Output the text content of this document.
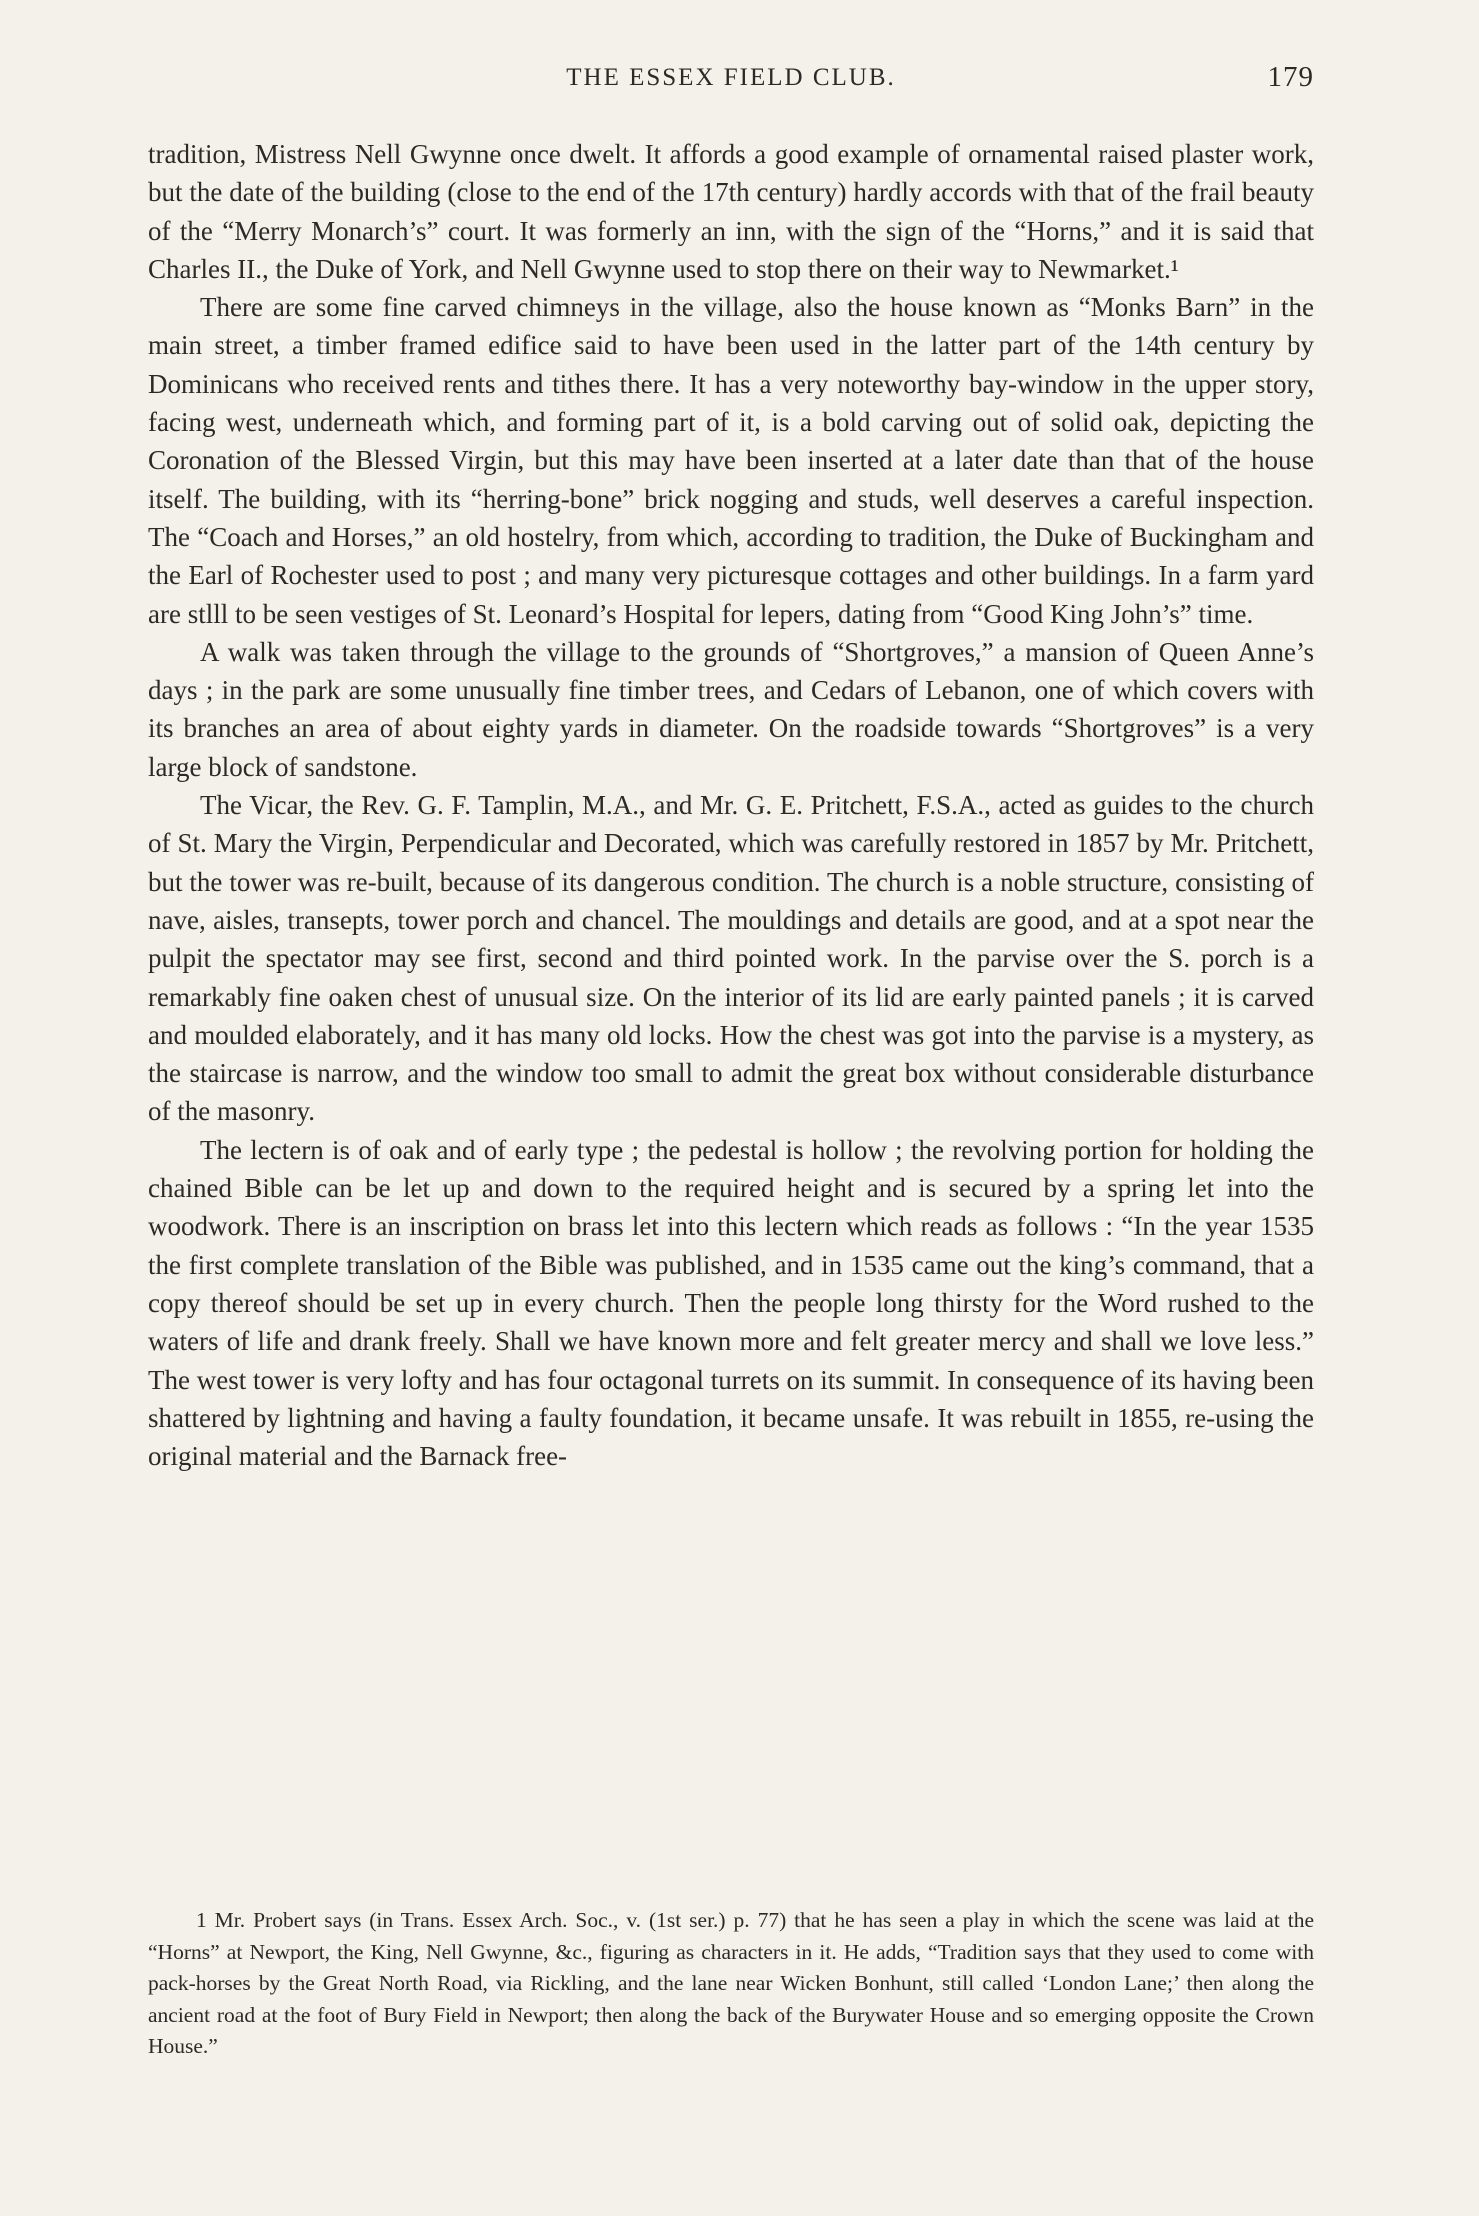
THE ESSEX FIELD CLUB.	179

tradition, Mistress Nell Gwynne once dwelt. It affords a good example of ornamental raised plaster work, but the date of the building (close to the end of the 17th century) hardly accords with that of the frail beauty of the “Merry Monarch’s” court. It was formerly an inn, with the sign of the “Horns,” and it is said that Charles II., the Duke of York, and Nell Gwynne used to stop there on their way to Newmarket.¹

There are some fine carved chimneys in the village, also the house known as “Monks Barn” in the main street, a timber framed edifice said to have been used in the latter part of the 14th century by Dominicans who received rents and tithes there. It has a very noteworthy bay-window in the upper story, facing west, underneath which, and forming part of it, is a bold carving out of solid oak, depicting the Coronation of the Blessed Virgin, but this may have been inserted at a later date than that of the house itself. The building, with its “herring-bone” brick nogging and studs, well deserves a careful inspection. The “Coach and Horses,” an old hostelry, from which, according to tradition, the Duke of Buckingham and the Earl of Rochester used to post ; and many very picturesque cottages and other buildings. In a farm yard are stlll to be seen vestiges of St. Leonard’s Hospital for lepers, dating from “Good King John’s” time.

A walk was taken through the village to the grounds of “Shortgroves,” a mansion of Queen Anne’s days ; in the park are some unusually fine timber trees, and Cedars of Lebanon, one of which covers with its branches an area of about eighty yards in diameter. On the roadside towards “Shortgroves” is a very large block of sandstone.

The Vicar, the Rev. G. F. Tamplin, M.A., and Mr. G. E. Pritchett, F.S.A., acted as guides to the church of St. Mary the Virgin, Perpendicular and Decorated, which was carefully restored in 1857 by Mr. Pritchett, but the tower was re-built, because of its dangerous condition. The church is a noble structure, consisting of nave, aisles, transepts, tower porch and chancel. The mouldings and details are good, and at a spot near the pulpit the spectator may see first, second and third pointed work. In the parvise over the S. porch is a remarkably fine oaken chest of unusual size. On the interior of its lid are early painted panels ; it is carved and moulded elaborately, and it has many old locks. How the chest was got into the parvise is a mystery, as the staircase is narrow, and the window too small to admit the great box without considerable disturbance of the masonry.

The lectern is of oak and of early type ; the pedestal is hollow ; the revolving portion for holding the chained Bible can be let up and down to the required height and is secured by a spring let into the woodwork. There is an inscription on brass let into this lectern which reads as follows : “In the year 1535 the first complete translation of the Bible was published, and in 1535 came out the king’s command, that a copy thereof should be set up in every church. Then the people long thirsty for the Word rushed to the waters of life and drank freely. Shall we have known more and felt greater mercy and shall we love less.” The west tower is very lofty and has four octagonal turrets on its summit. In consequence of its having been shattered by lightning and having a faulty foundation, it became unsafe. It was rebuilt in 1855, re-using the original material and the Barnack free-

1 Mr. Probert says (in Trans. Essex Arch. Soc., v. (1st ser.) p. 77) that he has seen a play in which the scene was laid at the “Horns” at Newport, the King, Nell Gwynne, &c., figuring as characters in it. He adds, “Tradition says that they used to come with pack-horses by the Great North Road, via Rickling, and the lane near Wicken Bonhunt, still called ‘London Lane;’ then along the ancient road at the foot of Bury Field in Newport; then along the back of the Burywater House and so emerging opposite the Crown House.”
